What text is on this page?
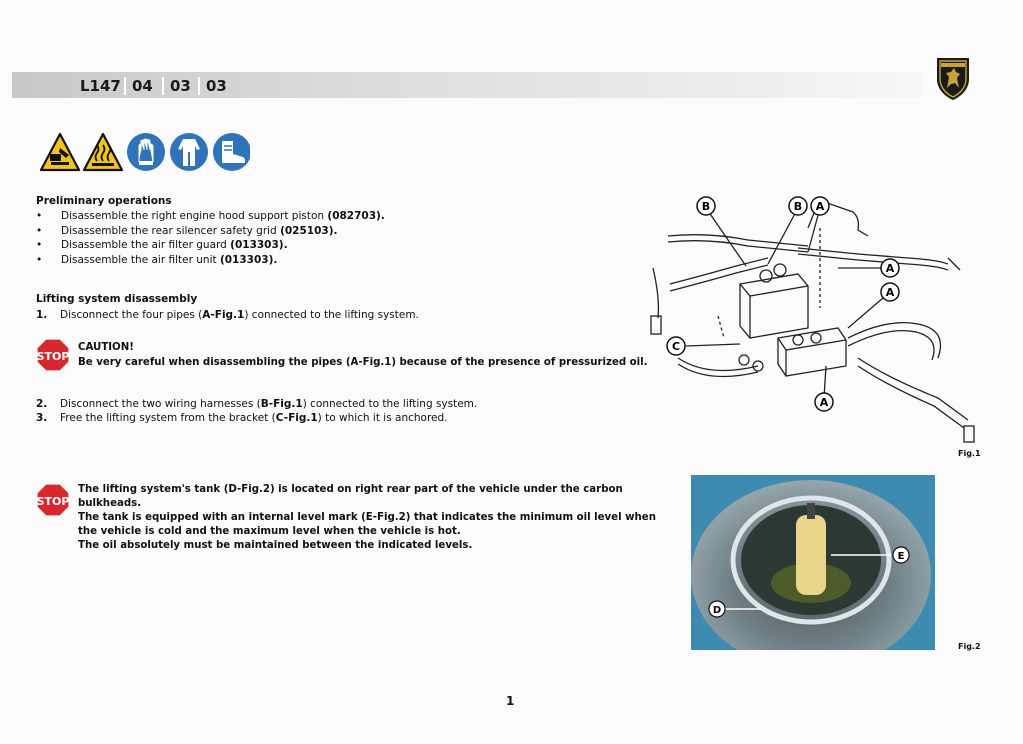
L147 04	03	03
Preliminary operations
• Disassemble the right engine hood support piston (082703).
• Disassemble the rear silencer safety grid (025103).
• Disassemble the air filter guard (013303).
• Disassemble the air filter unit (013303).
Lifting system disassembly
1. Disconnect the four pipes (A-Fig.1) connected to the lifting system.
STOP
CAUTION!
Be very careful when disassembling the pipes (A-Fig.1) because of the presence of pressurized oil.
2. Disconnect the two wiring harnesses (B-Fig.1) connected to the lifting system.
3. Free the lifting system from the bracket (C-Fig.1) to which it is anchored.
STOP
The lifting system's tank (D-Fig.2) is located on right rear part of the vehicle under the carbon
bulkheads.
The tank is equipped with an internal level mark (E-Fig.2) that indicates the minimum oil level when
the vehicle is cold and the maximum level when the vehicle is hot.
The oil absolutely must be maintained between the indicated levels.
B	B A
A
A
C
A
Fig.1
E
D
Fig.2
1
